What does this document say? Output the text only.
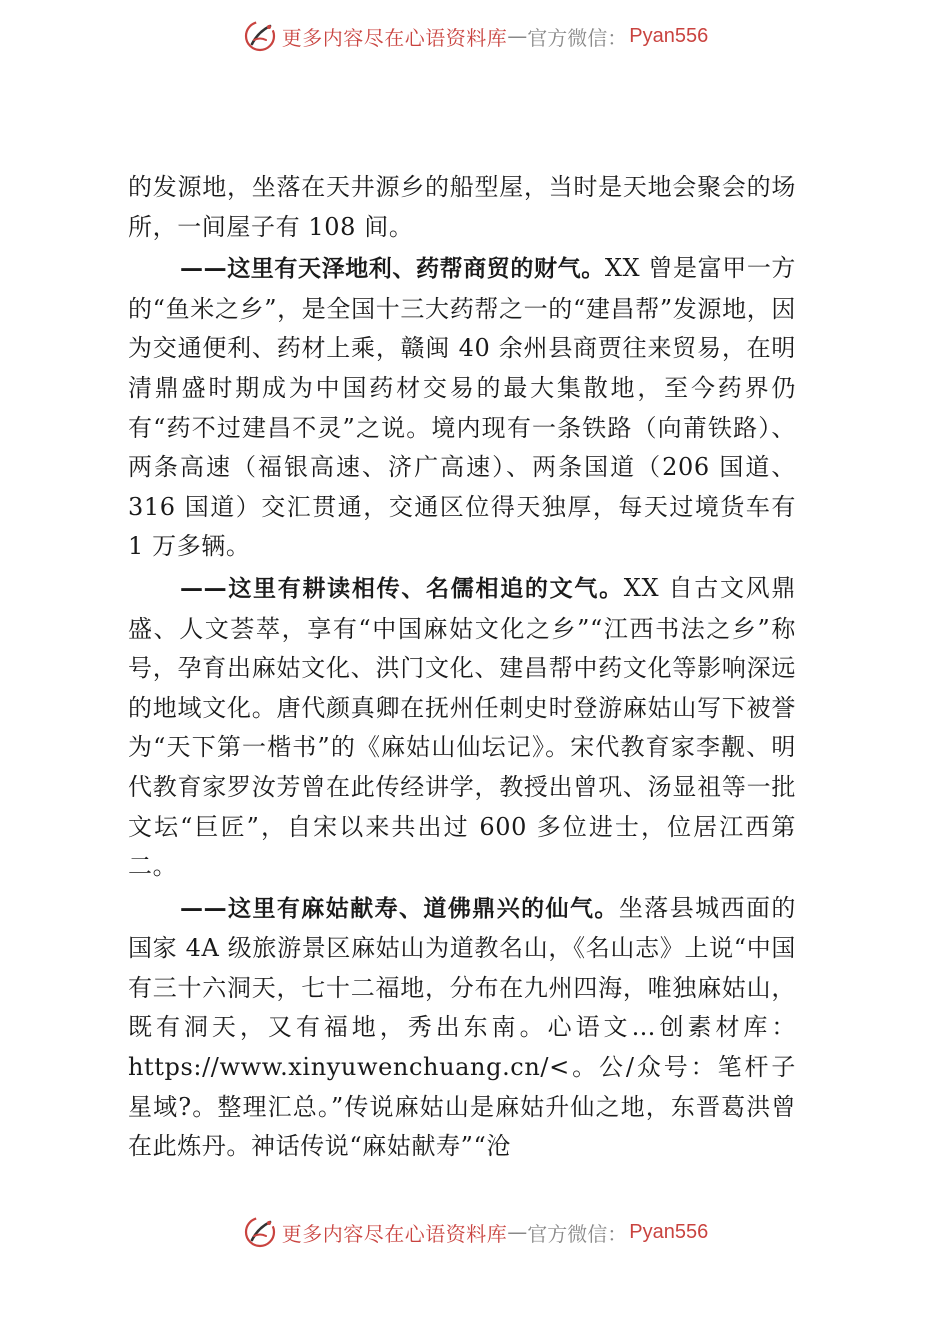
更多内容尽在心语资料库 — 官方微信： Pyan556

的发源地，坐落在天井源乡的船型屋，当时是天地会聚会的场所，一间屋子有 108 间。

——这里有天泽地利、药帮商贸的财气。XX 曾是富甲一方的“鱼米之乡”，是全国十三大药帮之一的“建昌帮”发源地，因为交通便利、药材上乘，赣闽 40 余州县商贾往来贸易，在明清鼎盛时期成为中国药材交易的最大集散地，至今药界仍有“药不过建昌不灵”之说。境内现有一条铁路（向莆铁路）、两条高速（福银高速、济广高速）、两条国道（206 国道、316 国道）交汇贯通，交通区位得天独厚，每天过境货车有 1 万多辆。

——这里有耕读相传、名儒相追的文气。XX 自古文风鼎盛、人文荟萃，享有“中国麻姑文化之乡”“江西书法之乡”称号，孕育出麻姑文化、洪门文化、建昌帮中药文化等影响深远的地域文化。唐代颜真卿在抚州任刺史时登游麻姑山写下被誉为“天下第一楷书”的《麻姑山仙坛记》。宋代教育家李觏、明代教育家罗汝芳曾在此传经讲学，教授出曾巩、汤显祖等一批文坛“巨匠”，自宋以来共出过 600 多位进士，位居江西第二。

——这里有麻姑献寿、道佛鼎兴的仙气。坐落县城西面的国家 4A 级旅游景区麻姑山为道教名山，《名山志》上说“中国有三十六洞天，七十二福地，分布在九州四海，唯独麻姑山，既有洞天，又有福地，秀出东南。心语文…创素材库：https://www.xinyuwenchuang.cn/<。公/众号：笔杆子星域?。整理汇总。”传说麻姑山是麻姑升仙之地，东晋葛洪曾在此炼丹。神话传说“麻姑献寿”“沧

更多内容尽在心语资料库 — 官方微信： Pyan556
